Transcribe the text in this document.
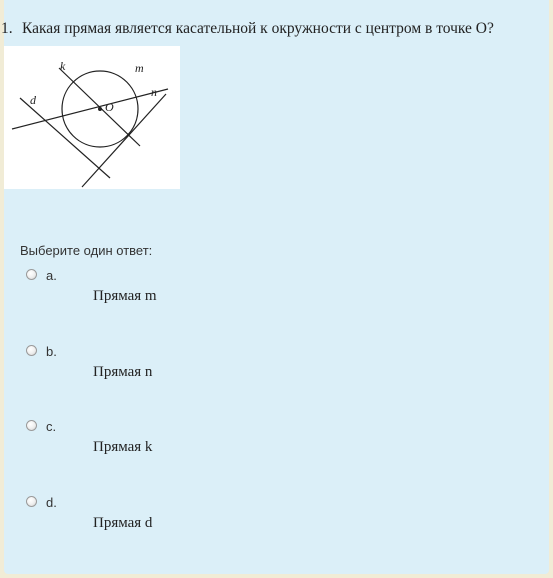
1. Какая прямая является касательной к окружности с центром в точке О?
k	m
n
d	O
Выберите один ответ:
a.
Прямая m
b.
Прямая n
c.
Прямая k
d.
Прямая d
